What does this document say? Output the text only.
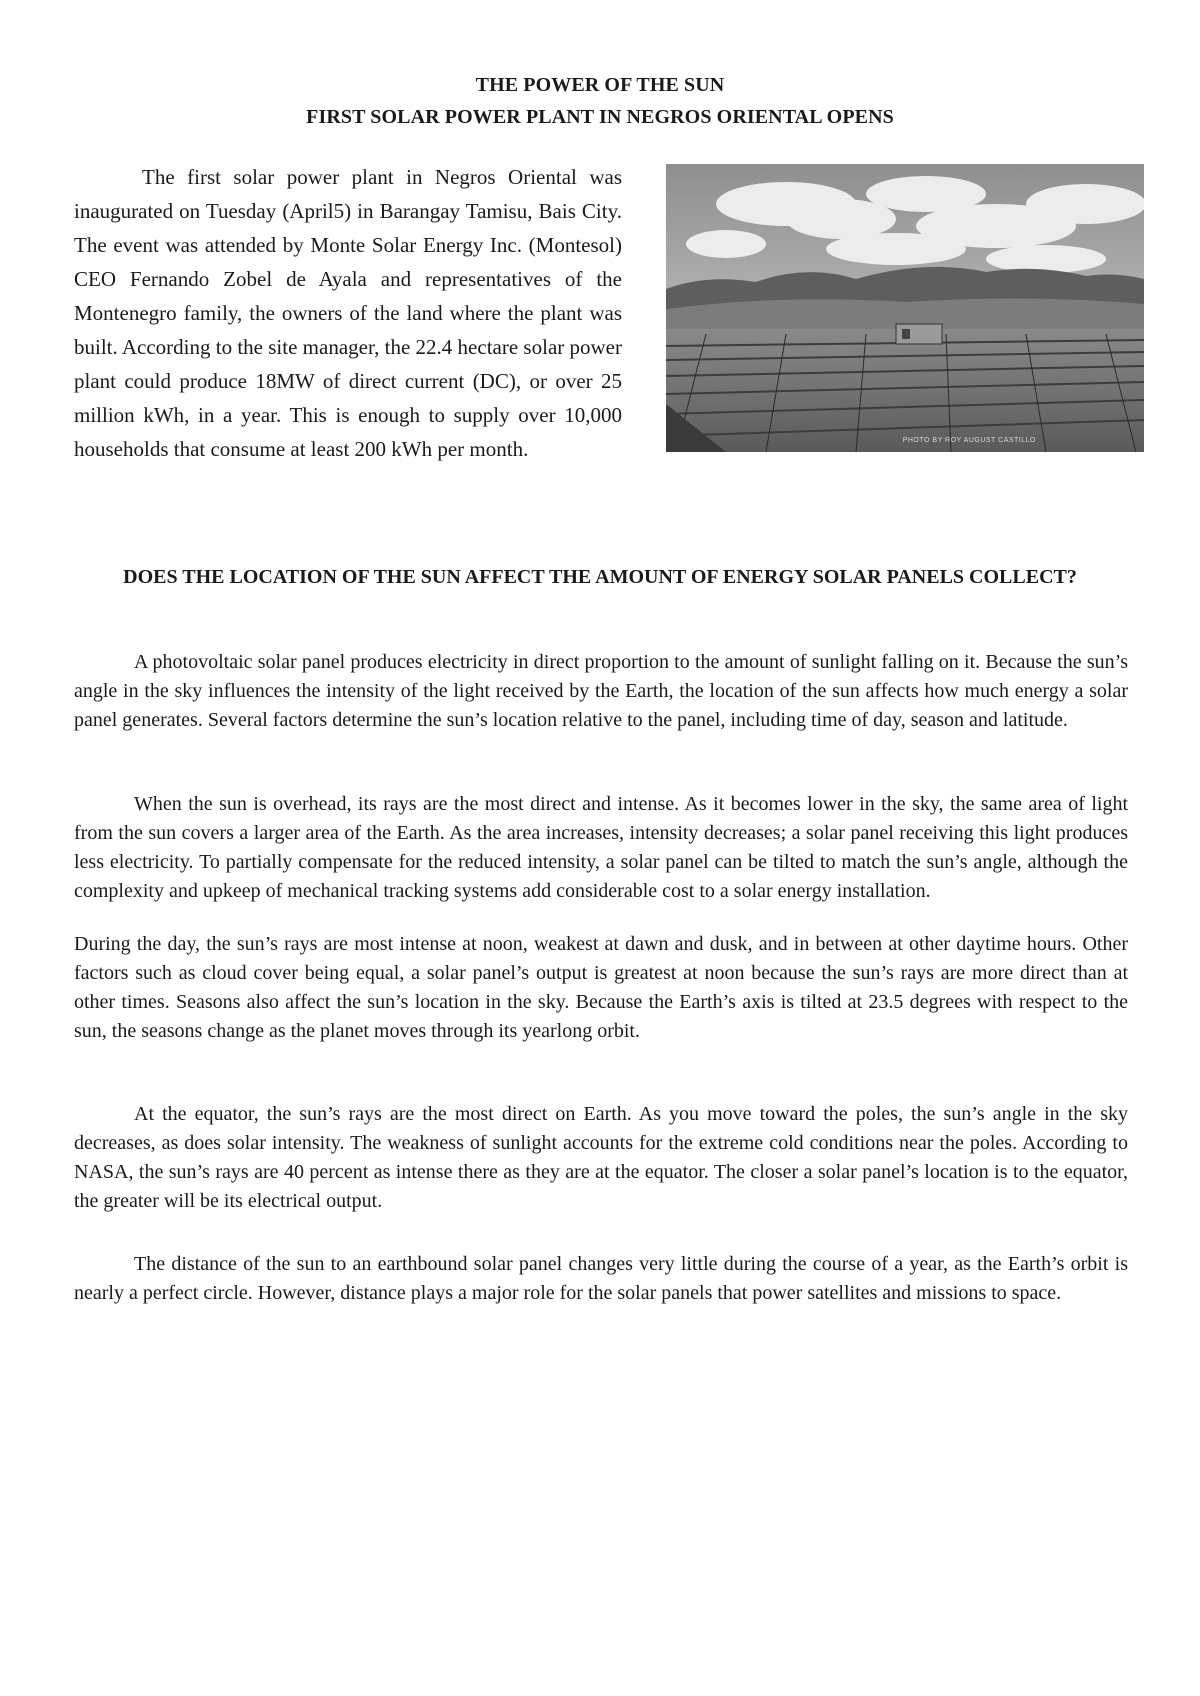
THE POWER OF THE SUN
FIRST SOLAR POWER PLANT IN NEGROS ORIENTAL OPENS

The first solar power plant in Negros Oriental was inaugurated on Tuesday (April5) in Barangay Tamisu, Bais City. The event was attended by Monte Solar Energy Inc. (Montesol) CEO Fernando Zobel de Ayala and representatives of the Montenegro family, the owners of the land where the plant was built. According to the site manager, the 22.4 hectare solar power plant could produce 18MW of direct current (DC), or over 25 million kWh, in a year. This is enough to supply over 10,000 households that consume at least 200 kWh per month.	PHOTO BY ROY AUGUST CASTILLO
DOES THE LOCATION OF THE SUN AFFECT THE AMOUNT OF ENERGY SOLAR PANELS COLLECT?

A photovoltaic solar panel produces electricity in direct proportion to the amount of sunlight falling on it. Because the sun’s angle in the sky influences the intensity of the light received by the Earth, the location of the sun affects how much energy a solar panel generates. Several factors determine the sun’s location relative to the panel, including time of day, season and latitude.

When the sun is overhead, its rays are the most direct and intense. As it becomes lower in the sky, the same area of light from the sun covers a larger area of the Earth. As the area increases, intensity decreases; a solar panel receiving this light produces less electricity. To partially compensate for the reduced intensity, a solar panel can be tilted to match the sun’s angle, although the complexity and upkeep of mechanical tracking systems add considerable cost to a solar energy installation.

During the day, the sun’s rays are most intense at noon, weakest at dawn and dusk, and in between at other daytime hours. Other factors such as cloud cover being equal, a solar panel’s output is greatest at noon because the sun’s rays are more direct than at other times. Seasons also affect the sun’s location in the sky. Because the Earth’s axis is tilted at 23.5 degrees with respect to the sun, the seasons change as the planet moves through its yearlong orbit.

At the equator, the sun’s rays are the most direct on Earth. As you move toward the poles, the sun’s angle in the sky decreases, as does solar intensity. The weakness of sunlight accounts for the extreme cold conditions near the poles. According to NASA, the sun’s rays are 40 percent as intense there as they are at the equator. The closer a solar panel’s location is to the equator, the greater will be its electrical output.

The distance of the sun to an earthbound solar panel changes very little during the course of a year, as the Earth’s orbit is nearly a perfect circle. However, distance plays a major role for the solar panels that power satellites and missions to space.
